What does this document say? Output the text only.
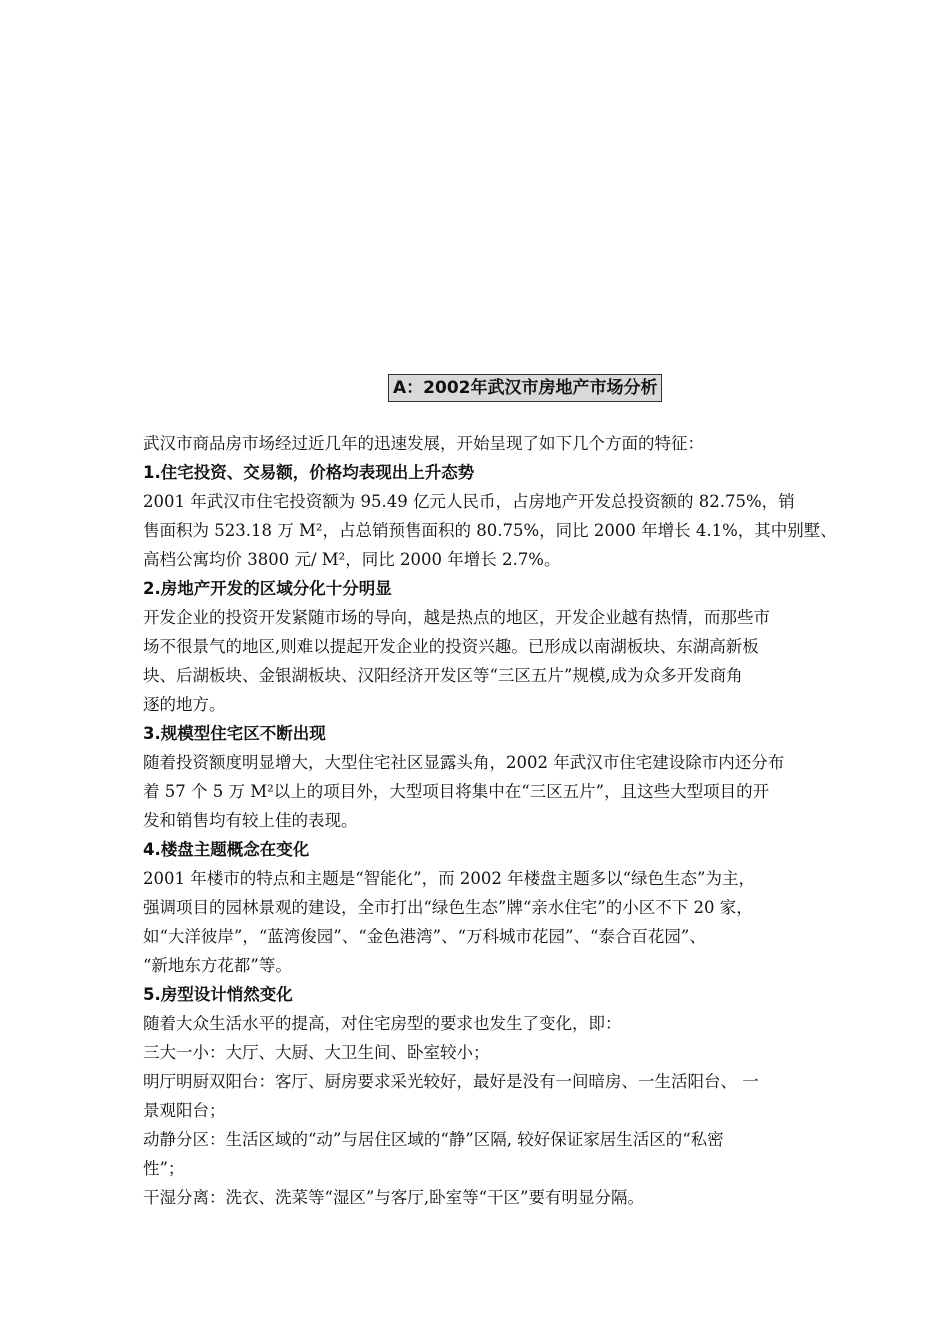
A：2002年武汉市房地产市场分析
武汉市商品房市场经过近几年的迅速发展，开始呈现了如下几个方面的特征：
1.住宅投资、交易额，价格均表现出上升态势
2001 年武汉市住宅投资额为 95.49 亿元人民币，占房地产开发总投资额的 82.75%，销
售面积为 523.18 万 M²，占总销预售面积的 80.75%，同比 2000 年增长 4.1%，其中别墅、
高档公寓均价 3800 元/ M²，同比 2000 年增长 2.7%。
2.房地产开发的区域分化十分明显
开发企业的投资开发紧随市场的导向，越是热点的地区，开发企业越有热情，而那些市
场不很景气的地区,则难以提起开发企业的投资兴趣。已形成以南湖板块、东湖高新板
块、后湖板块、金银湖板块、汉阳经济开发区等“三区五片”规模,成为众多开发商角
逐的地方。
3.规模型住宅区不断出现
随着投资额度明显增大，大型住宅社区显露头角，2002 年武汉市住宅建设除市内还分布
着 57 个 5 万 M²以上的项目外，大型项目将集中在“三区五片”，且这些大型项目的开
发和销售均有较上佳的表现。
4.楼盘主题概念在变化
2001 年楼市的特点和主题是“智能化”，而 2002 年楼盘主题多以“绿色生态”为主，
强调项目的园林景观的建设，全市打出“绿色生态”牌“亲水住宅”的小区不下 20 家，
如“大洋彼岸”，“蓝湾俊园”、“金色港湾”、“万科城市花园”、“泰合百花园”、
“新地东方花都”等。
5.房型设计悄然变化
随着大众生活水平的提高，对住宅房型的要求也发生了变化，即：
三大一小：大厅、大厨、大卫生间、卧室较小；
明厅明厨双阳台：客厅、厨房要求采光较好，最好是没有一间暗房、一生活阳台、 一
景观阳台；
动静分区：生活区域的“动”与居住区域的“静”区隔, 较好保证家居生活区的“私密
性”；
干湿分离：洗衣、洗菜等“湿区”与客厅,卧室等“干区”要有明显分隔。
